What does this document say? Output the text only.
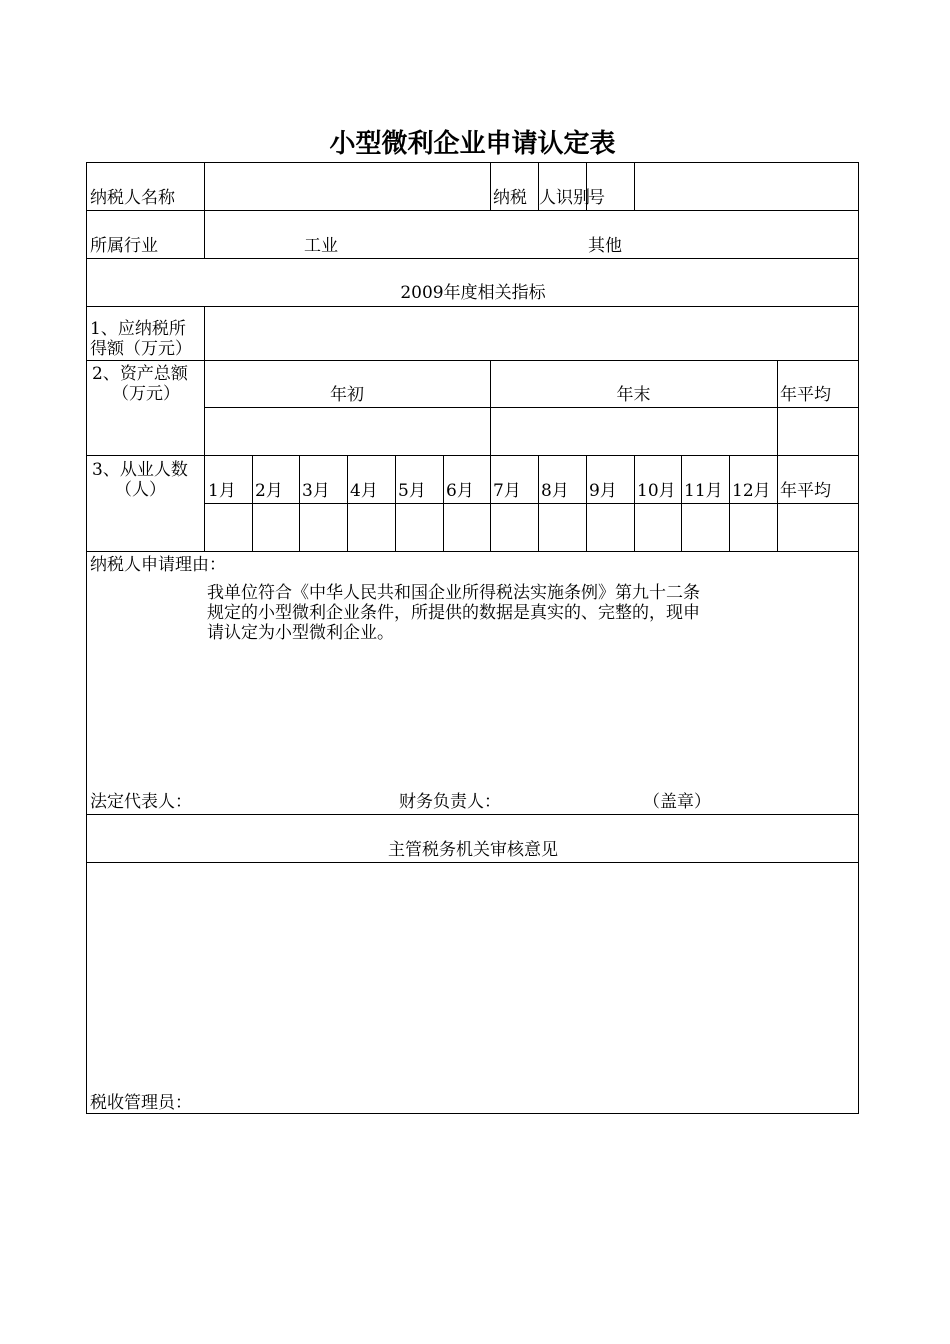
小型微利企业申请认定表
纳税人名称	纳税 人识别
号
所属行业	工业	其他
2009年度相关指标
1、应纳税所
得额（万元）
2、资产总额
（万元）	年初	年末	年平均
3、从业人数
（人） 1月 2月 3月 4月 5月 6月 7月 8月 9月 10月 11月 12月 年平均
纳税人申请理由：
我单位符合《中华人民共和国企业所得税法实施条例》第九十二条
规定的小型微利企业条件，所提供的数据是真实的、完整的，现申
请认定为小型微利企业。
法定代表人：	财务负责人：	（盖章）
主管税务机关审核意见
税收管理员：
